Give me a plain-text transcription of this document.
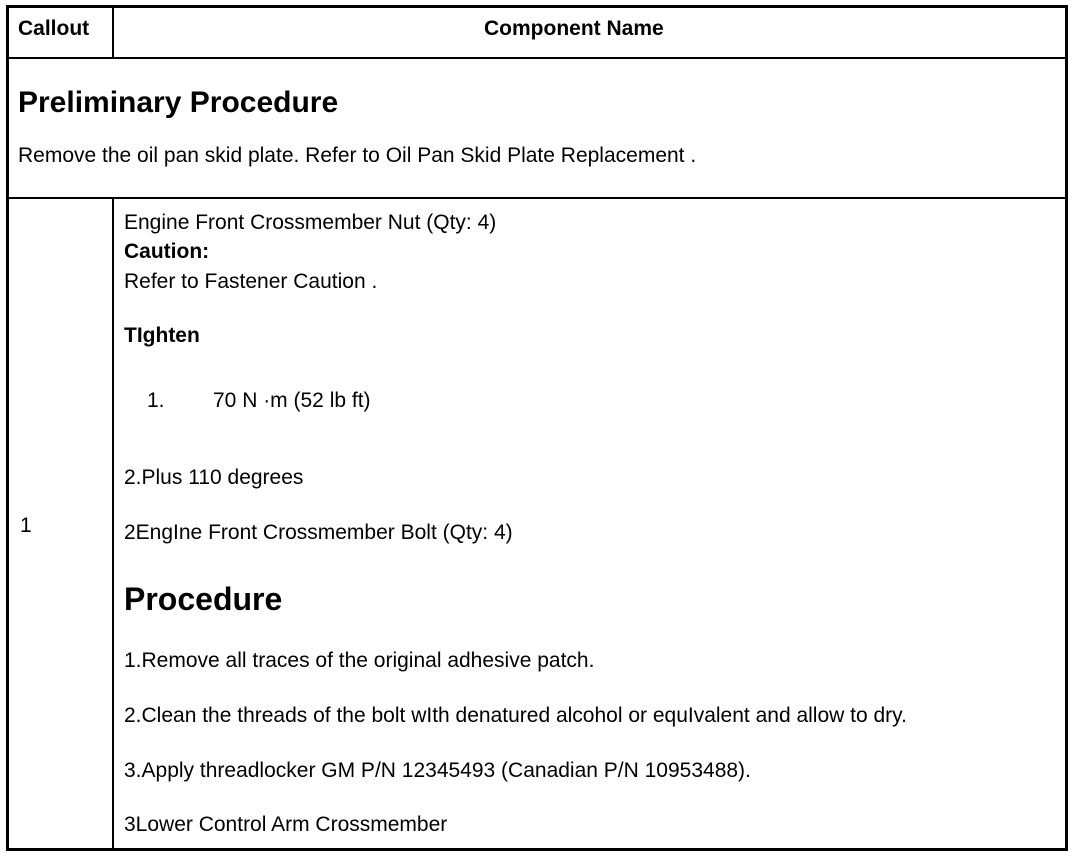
Callout	Component Name
Preliminary Procedure
Remove the oil pan skid plate. Refer to Oil Pan Skid Plate Replacement .
1
Engine Front Crossmember Nut (Qty: 4)
Caution:
Refer to Fastener Caution .
TIghten
1. 70 N ·m (52 lb ft)
2.Plus 110 degrees
2EngIne Front Crossmember Bolt (Qty: 4)
Procedure
1.Remove all traces of the original adhesive patch.
2.Clean the threads of the bolt wIth denatured alcohol or equIvalent and allow to dry.
3.Apply threadlocker GM P/N 12345493 (Canadian P/N 10953488).
3Lower Control Arm Crossmember
